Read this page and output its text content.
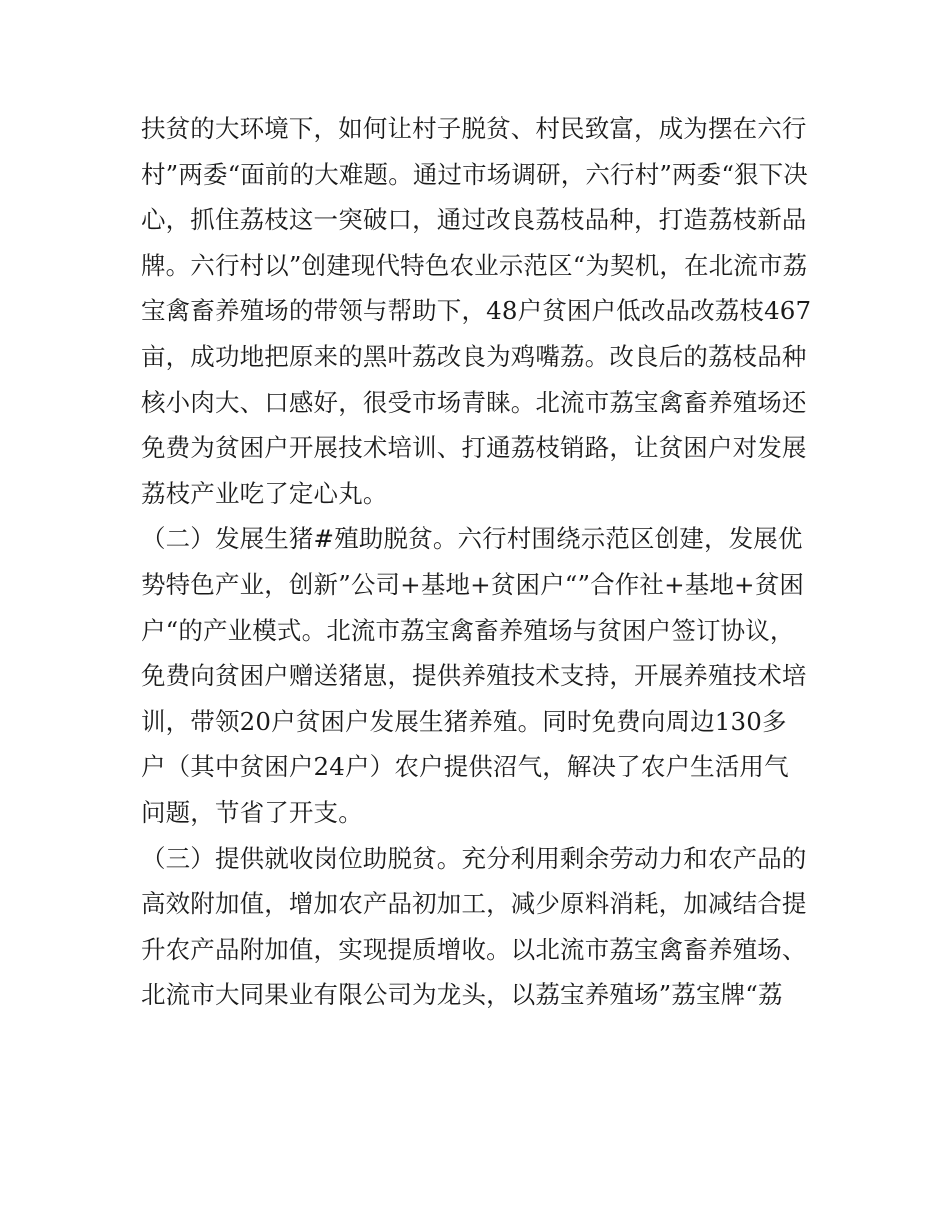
扶贫的大环境下，如何让村子脱贫、村民致富，成为摆在六行
村”两委“面前的大难题。通过市场调研，六行村”两委“狠下决
心，抓住荔枝这一突破口，通过改良荔枝品种，打造荔枝新品
牌。六行村以”创建现代特色农业示范区“为契机，在北流市荔
宝禽畜养殖场的带领与帮助下，48户贫困户低改品改荔枝467
亩，成功地把原来的黑叶荔改良为鸡嘴荔。改良后的荔枝品种
核小肉大、口感好，很受市场青睐。北流市荔宝禽畜养殖场还
免费为贫困户开展技术培训、打通荔枝销路，让贫困户对发展
荔枝产业吃了定心丸。
（二）发展生猪#殖助脱贫。六行村围绕示范区创建，发展优
势特色产业，创新”公司+基地+贫困户“”合作社+基地+贫困
户“的产业模式。北流市荔宝禽畜养殖场与贫困户签订协议，
免费向贫困户赠送猪崽，提供养殖技术支持，开展养殖技术培
训，带领20户贫困户发展生猪养殖。同时免费向周边130多
户（其中贫困户24户）农户提供沼气，解决了农户生活用气
问题，节省了开支。
（三）提供就收岗位助脱贫。充分利用剩余劳动力和农产品的
高效附加值，增加农产品初加工，减少原料消耗，加减结合提
升农产品附加值，实现提质增收。以北流市荔宝禽畜养殖场、
北流市大同果业有限公司为龙头，以荔宝养殖场”荔宝牌“荔
